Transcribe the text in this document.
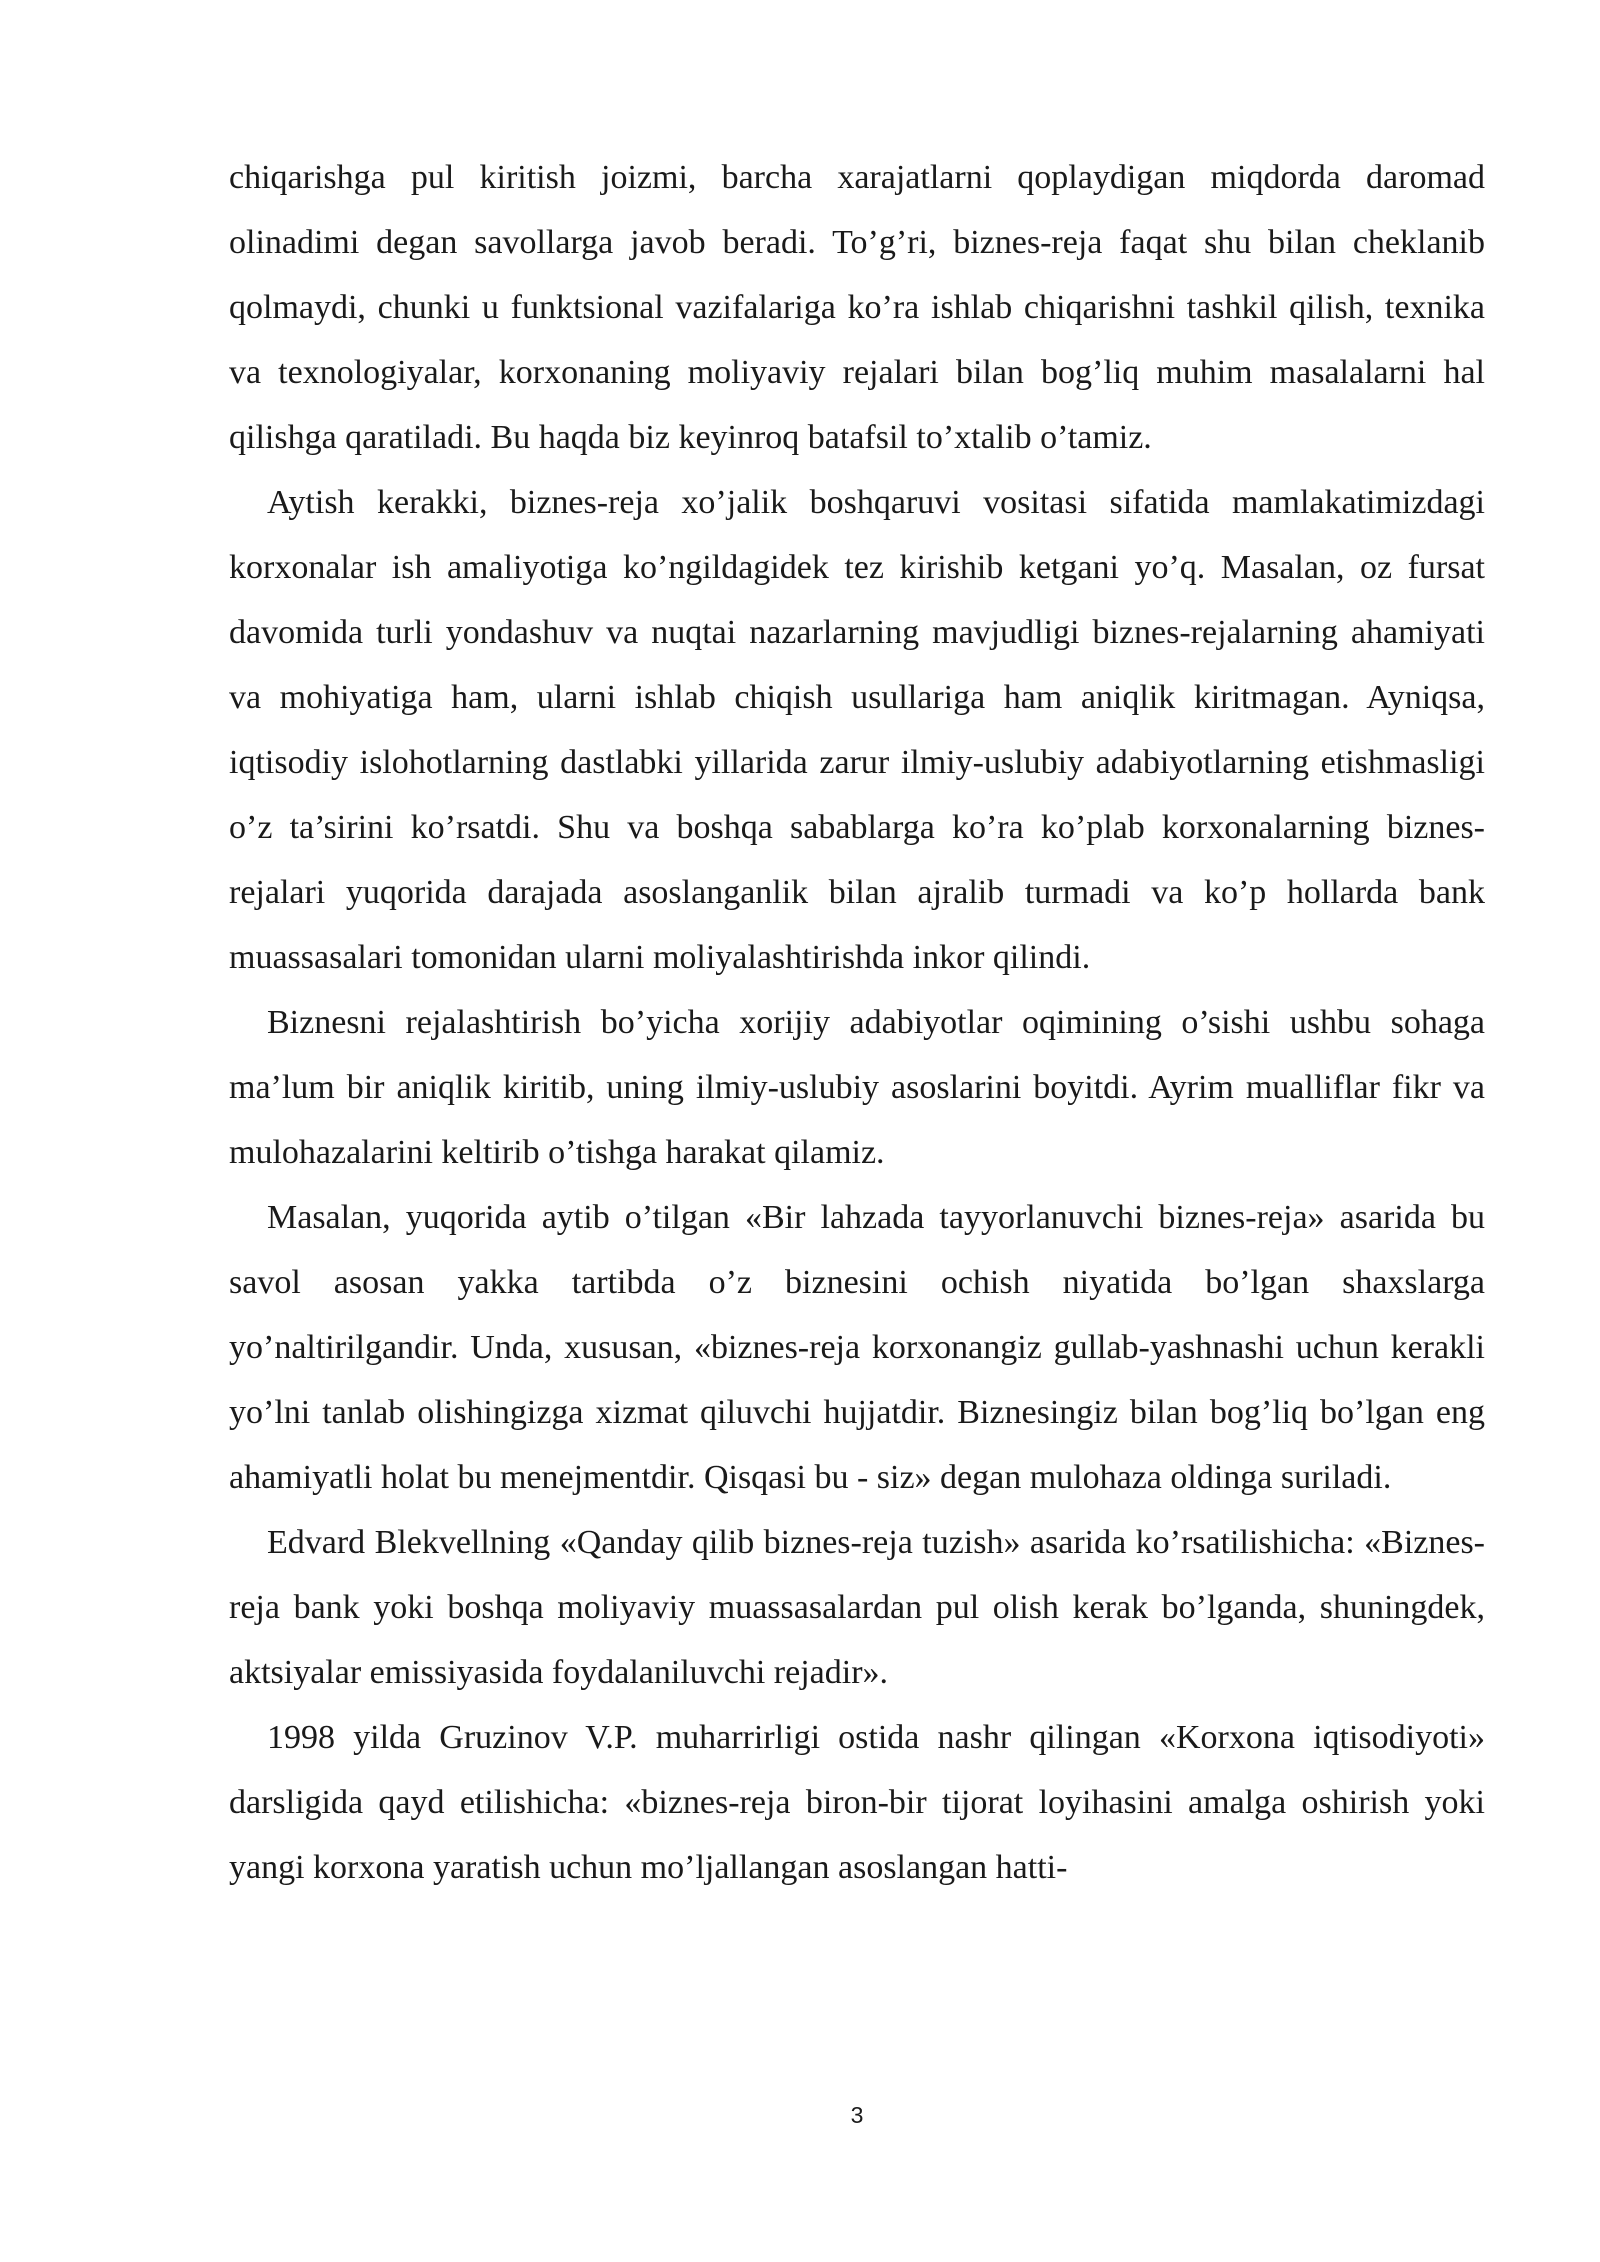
chiqarishga pul kiritish joizmi, barcha xarajatlarni qoplaydigan miqdorda daromad olinadimi degan savollarga javob beradi. To’g’ri, biznes-reja faqat shu bilan cheklanib qolmaydi, chunki u funktsional vazifalariga ko’ra ishlab chiqarishni tashkil qilish, texnika va texnologiyalar, korxonaning moliyaviy rejalari bilan bog’liq muhim masalalarni hal qilishga qaratiladi. Bu haqda biz keyinroq batafsil to’xtalib o’tamiz.

Aytish kerakki, biznes-reja xo’jalik boshqaruvi vositasi sifatida mamlakatimizdagi korxonalar ish amaliyotiga ko’ngildagidek tez kirishib ketgani yo’q. Masalan, oz fursat davomida turli yondashuv va nuqtai nazarlarning mavjudligi biznes-rejalarning ahamiyati va mohiyatiga ham, ularni ishlab chiqish usullariga ham aniqlik kiritmagan. Ayniqsa, iqtisodiy islohotlarning dastlabki yillarida zarur ilmiy-uslubiy adabiyotlarning etishmasligi o’z ta’sirini ko’rsatdi. Shu va boshqa sabablarga ko’ra ko’plab korxonalarning biznes-rejalari yuqorida darajada asoslanganlik bilan ajralib turmadi va ko’p hollarda bank muassasalari tomonidan ularni moliyalashtirishda inkor qilindi.

Biznesni rejalashtirish bo’yicha xorijiy adabiyotlar oqimining o’sishi ushbu sohaga ma’lum bir aniqlik kiritib, uning ilmiy-uslubiy asoslarini boyitdi. Ayrim mualliflar fikr va mulohazalarini keltirib o’tishga harakat qilamiz.

Masalan, yuqorida aytib o’tilgan «Bir lahzada tayyorlanuvchi biznes-reja» asarida bu savol asosan yakka tartibda o’z biznesini ochish niyatida bo’lgan shaxslarga yo’naltirilgandir. Unda, xususan, «biznes-reja korxonangiz gullab-yashnashi uchun kerakli yo’lni tanlab olishingizga xizmat qiluvchi hujjatdir. Biznesingiz bilan bog’liq bo’lgan eng ahamiyatli holat bu menejmentdir. Qisqasi bu - siz» degan mulohaza oldinga suriladi.

Edvard Blekvellning «Qanday qilib biznes-reja tuzish» asarida ko’rsatilishicha: «Biznes-reja bank yoki boshqa moliyaviy muassasalardan pul olish kerak bo’lganda, shuningdek, aktsiyalar emissiyasida foydalaniluvchi rejadir».

1998 yilda Gruzinov V.P. muharrirligi ostida nashr qilingan «Korxona iqtisodiyoti» darsligida qayd etilishicha: «biznes-reja biron-bir tijorat loyihasini amalga oshirish yoki yangi korxona yaratish uchun mo’ljallangan asoslangan hatti-

3
